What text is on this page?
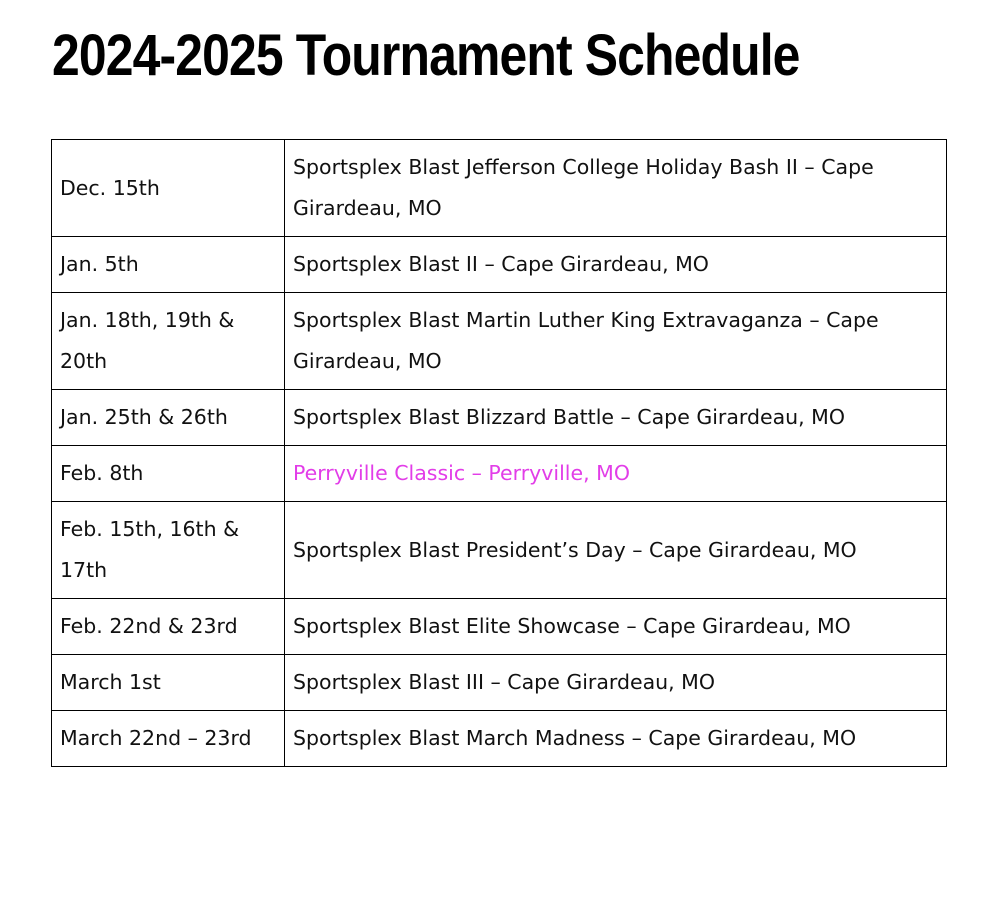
2024-2025 Tournament Schedule
Dec. 15th	Sportsplex Blast Jefferson College Holiday Bash II – Cape Girardeau, MO
Jan. 5th	Sportsplex Blast II – Cape Girardeau, MO
Jan. 18th, 19th & 20th	Sportsplex Blast Martin Luther King Extravaganza – Cape Girardeau, MO
Jan. 25th & 26th	Sportsplex Blast Blizzard Battle – Cape Girardeau, MO
Feb. 8th	Perryville Classic – Perryville, MO
Feb. 15th, 16th & 17th	Sportsplex Blast President’s Day – Cape Girardeau, MO
Feb. 22nd & 23rd	Sportsplex Blast Elite Showcase – Cape Girardeau, MO
March 1st	Sportsplex Blast III – Cape Girardeau, MO
March 22nd – 23rd	Sportsplex Blast March Madness – Cape Girardeau, MO
